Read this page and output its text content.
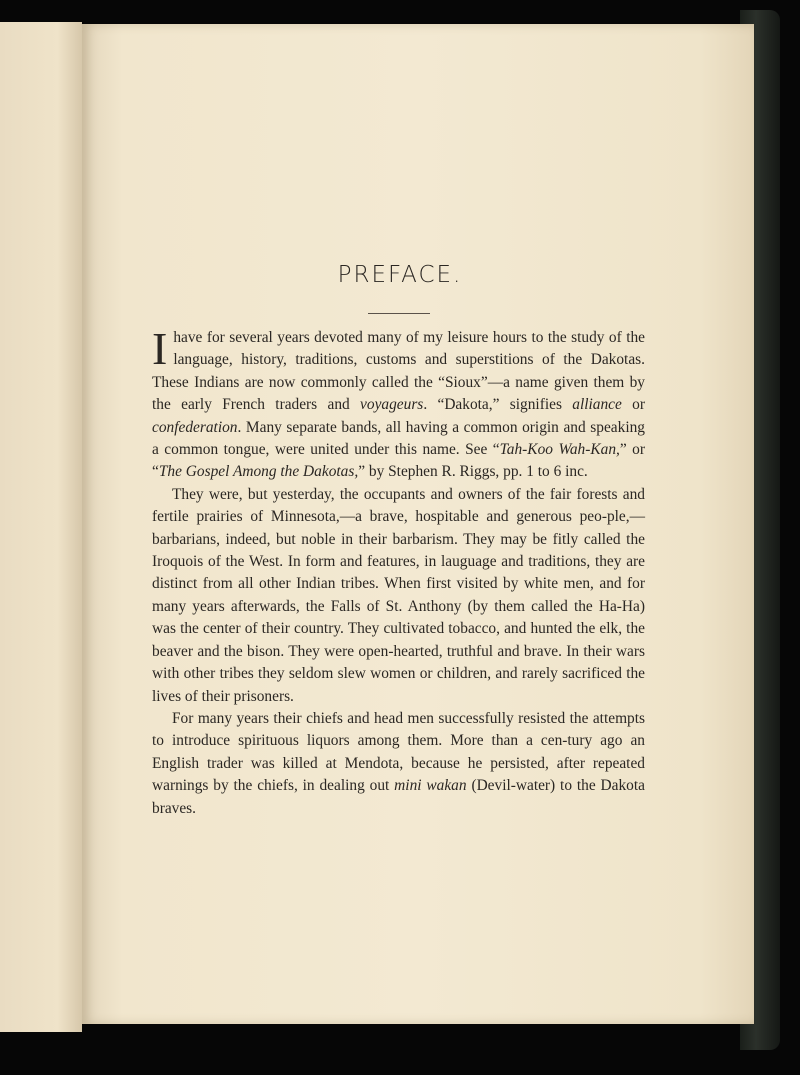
PREFACE.

I have for several years devoted many of my leisure hours to the study of the language, history, traditions, customs and superstitions of the Dakotas. These Indians are now commonly called the “Sioux”—a name given them by the early French traders and voyageurs. “Dakota,” signifies alliance or confederation. Many separate bands, all having a common origin and speaking a common tongue, were united under this name. See “Tah-Koo Wah-Kan,” or “The Gospel Among the Dakotas,” by Stephen R. Riggs, pp. 1 to 6 inc.

They were, but yesterday, the occupants and owners of the fair forests and fertile prairies of Minnesota,—a brave, hospitable and generous peo-ple,—barbarians, indeed, but noble in their barbarism. They may be fitly called the Iroquois of the West. In form and features, in lauguage and traditions, they are distinct from all other Indian tribes. When first visited by white men, and for many years afterwards, the Falls of St. Anthony (by them called the Ha-Ha) was the center of their country. They cultivated tobacco, and hunted the elk, the beaver and the bison. They were open-hearted, truthful and brave. In their wars with other tribes they seldom slew women or children, and rarely sacrificed the lives of their prisoners.

For many years their chiefs and head men successfully resisted the attempts to introduce spirituous liquors among them. More than a cen-tury ago an English trader was killed at Mendota, because he persisted, after repeated warnings by the chiefs, in dealing out mini wakan (Devil-water) to the Dakota braves.
